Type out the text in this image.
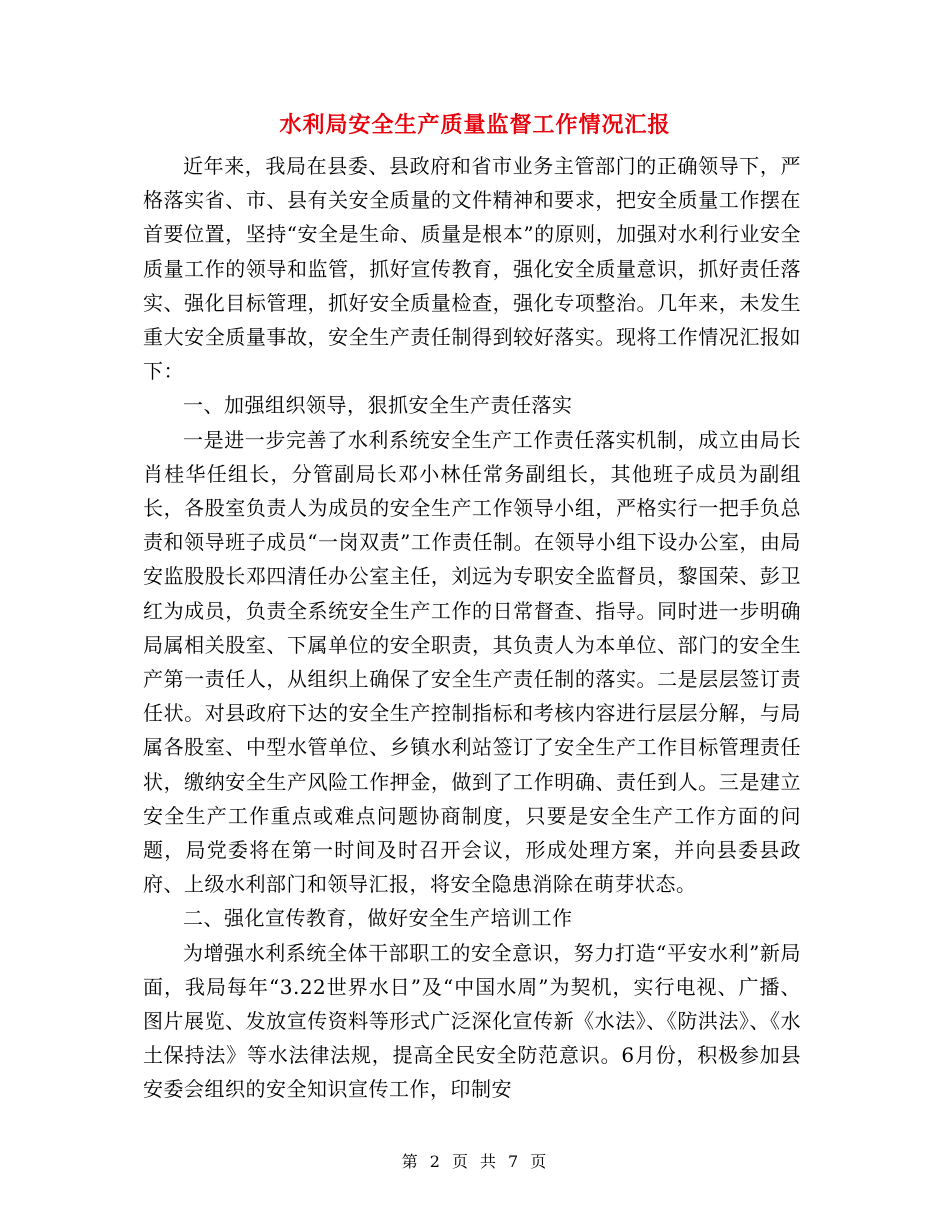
水利局安全生产质量监督工作情况汇报

近年来，我局在县委、县政府和省市业务主管部门的正确领导下，严格落实省、市、县有关安全质量的文件精神和要求，把安全质量工作摆在首要位置，坚持“安全是生命、质量是根本”的原则，加强对水利行业安全质量工作的领导和监管，抓好宣传教育，强化安全质量意识，抓好责任落实、强化目标管理，抓好安全质量检查，强化专项整治。几年来，未发生重大安全质量事故，安全生产责任制得到较好落实。现将工作情况汇报如下：

一、加强组织领导，狠抓安全生产责任落实

一是进一步完善了水利系统安全生产工作责任落实机制，成立由局长肖桂华任组长，分管副局长邓小林任常务副组长，其他班子成员为副组长，各股室负责人为成员的安全生产工作领导小组，严格实行一把手负总责和领导班子成员“一岗双责”工作责任制。在领导小组下设办公室，由局安监股股长邓四清任办公室主任，刘远为专职安全监督员，黎国荣、彭卫红为成员，负责全系统安全生产工作的日常督查、指导。同时进一步明确局属相关股室、下属单位的安全职责，其负责人为本单位、部门的安全生产第一责任人，从组织上确保了安全生产责任制的落实。二是层层签订责任状。对县政府下达的安全生产控制指标和考核内容进行层层分解，与局属各股室、中型水管单位、乡镇水利站签订了安全生产工作目标管理责任状，缴纳安全生产风险工作押金，做到了工作明确、责任到人。三是建立安全生产工作重点或难点问题协商制度，只要是安全生产工作方面的问题，局党委将在第一时间及时召开会议，形成处理方案，并向县委县政府、上级水利部门和领导汇报，将安全隐患消除在萌芽状态。

二、强化宣传教育，做好安全生产培训工作

为增强水利系统全体干部职工的安全意识，努力打造“平安水利”新局面，我局每年“3.22世界水日”及“中国水周”为契机，实行电视、广播、图片展览、发放宣传资料等形式广泛深化宣传新《水法》、《防洪法》、《水土保持法》等水法律法规，提高全民安全防范意识。6月份，积极参加县安委会组织的安全知识宣传工作，印制安

第 2 页 共 7 页
